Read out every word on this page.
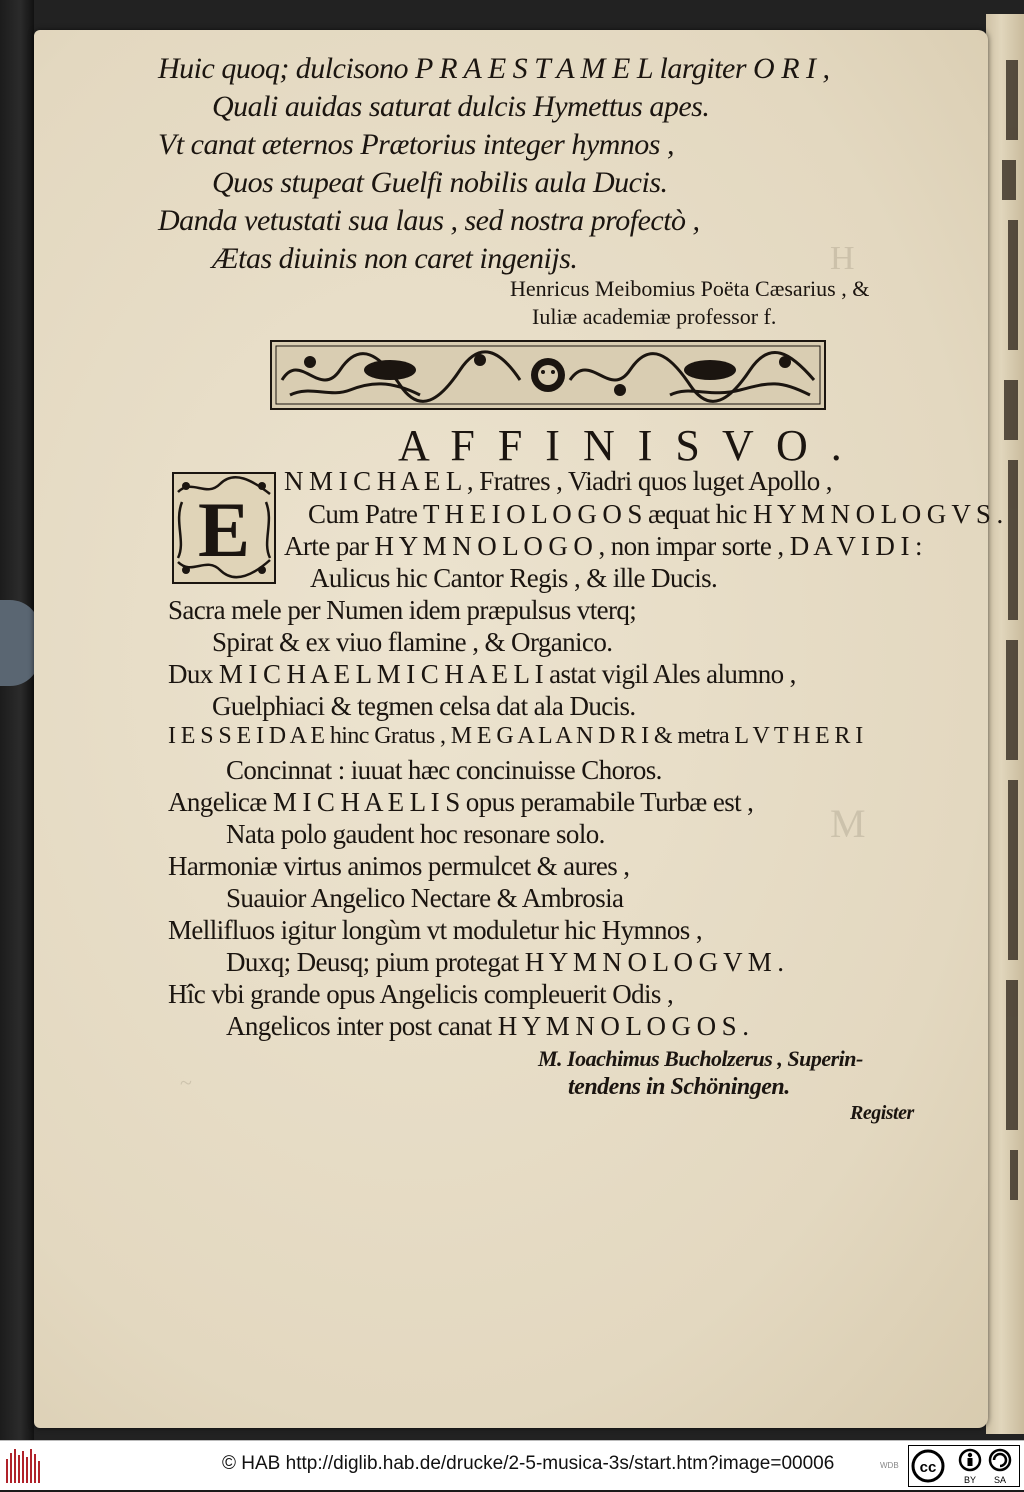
H
M
~
Huic quoq; dulcisono P R A E S T A M E L largiter O R I ,
Quali auidas saturat dulcis Hymettus apes.
Vt canat æternos Prætorius integer hymnos ,
Quos stupeat Guelfi nobilis aula Ducis.
Danda vetustati sua laus , sed nostra profectò ,
Ætas diuinis non caret ingenijs.
Henricus Meibomius Poëta Cæsarius , &
Iuliæ academiæ professor f.
A F F I N I S V O .
E
N M I C H A E L , Fratres , Viadri quos luget Apollo ,
Cum Patre T H E I O L O G O S æquat hic H Y M N O L O G V S .
Arte par H Y M N O L O G O , non impar sorte , D A V I D I :
Aulicus hic Cantor Regis , & ille Ducis.
Sacra mele per Numen idem præpulsus vterq;
Spirat & ex viuo flamine , & Organico.
Dux M I C H A E L M I C H A E L I astat vigil Ales alumno ,
Guelphiaci & tegmen celsa dat ala Ducis.
I E S S E I D A E hinc Gratus , M E G A L A N D R I & metra L V T H E R I
Concinnat : iuuat hæc concinuisse Choros.
Angelicæ M I C H A E L I S opus peramabile Turbæ est ,
Nata polo gaudent hoc resonare solo.
Harmoniæ virtus animos permulcet & aures ,
Suauior Angelico Nectare & Ambrosia
Mellifluos igitur longùm vt moduletur hic Hymnos ,
Duxq; Deusq; pium protegat H Y M N O L O G V M .
Hîc vbi grande opus Angelicis compleuerit Odis ,
Angelicos inter post canat H Y M N O L O G O S .
M. Ioachimus Bucholzerus , Superin-
tendens in Schöningen.
Register
© HAB http://diglib.hab.de/drucke/2-5-musica-3s/start.htm?image=00006	WDB cc
BY SA
